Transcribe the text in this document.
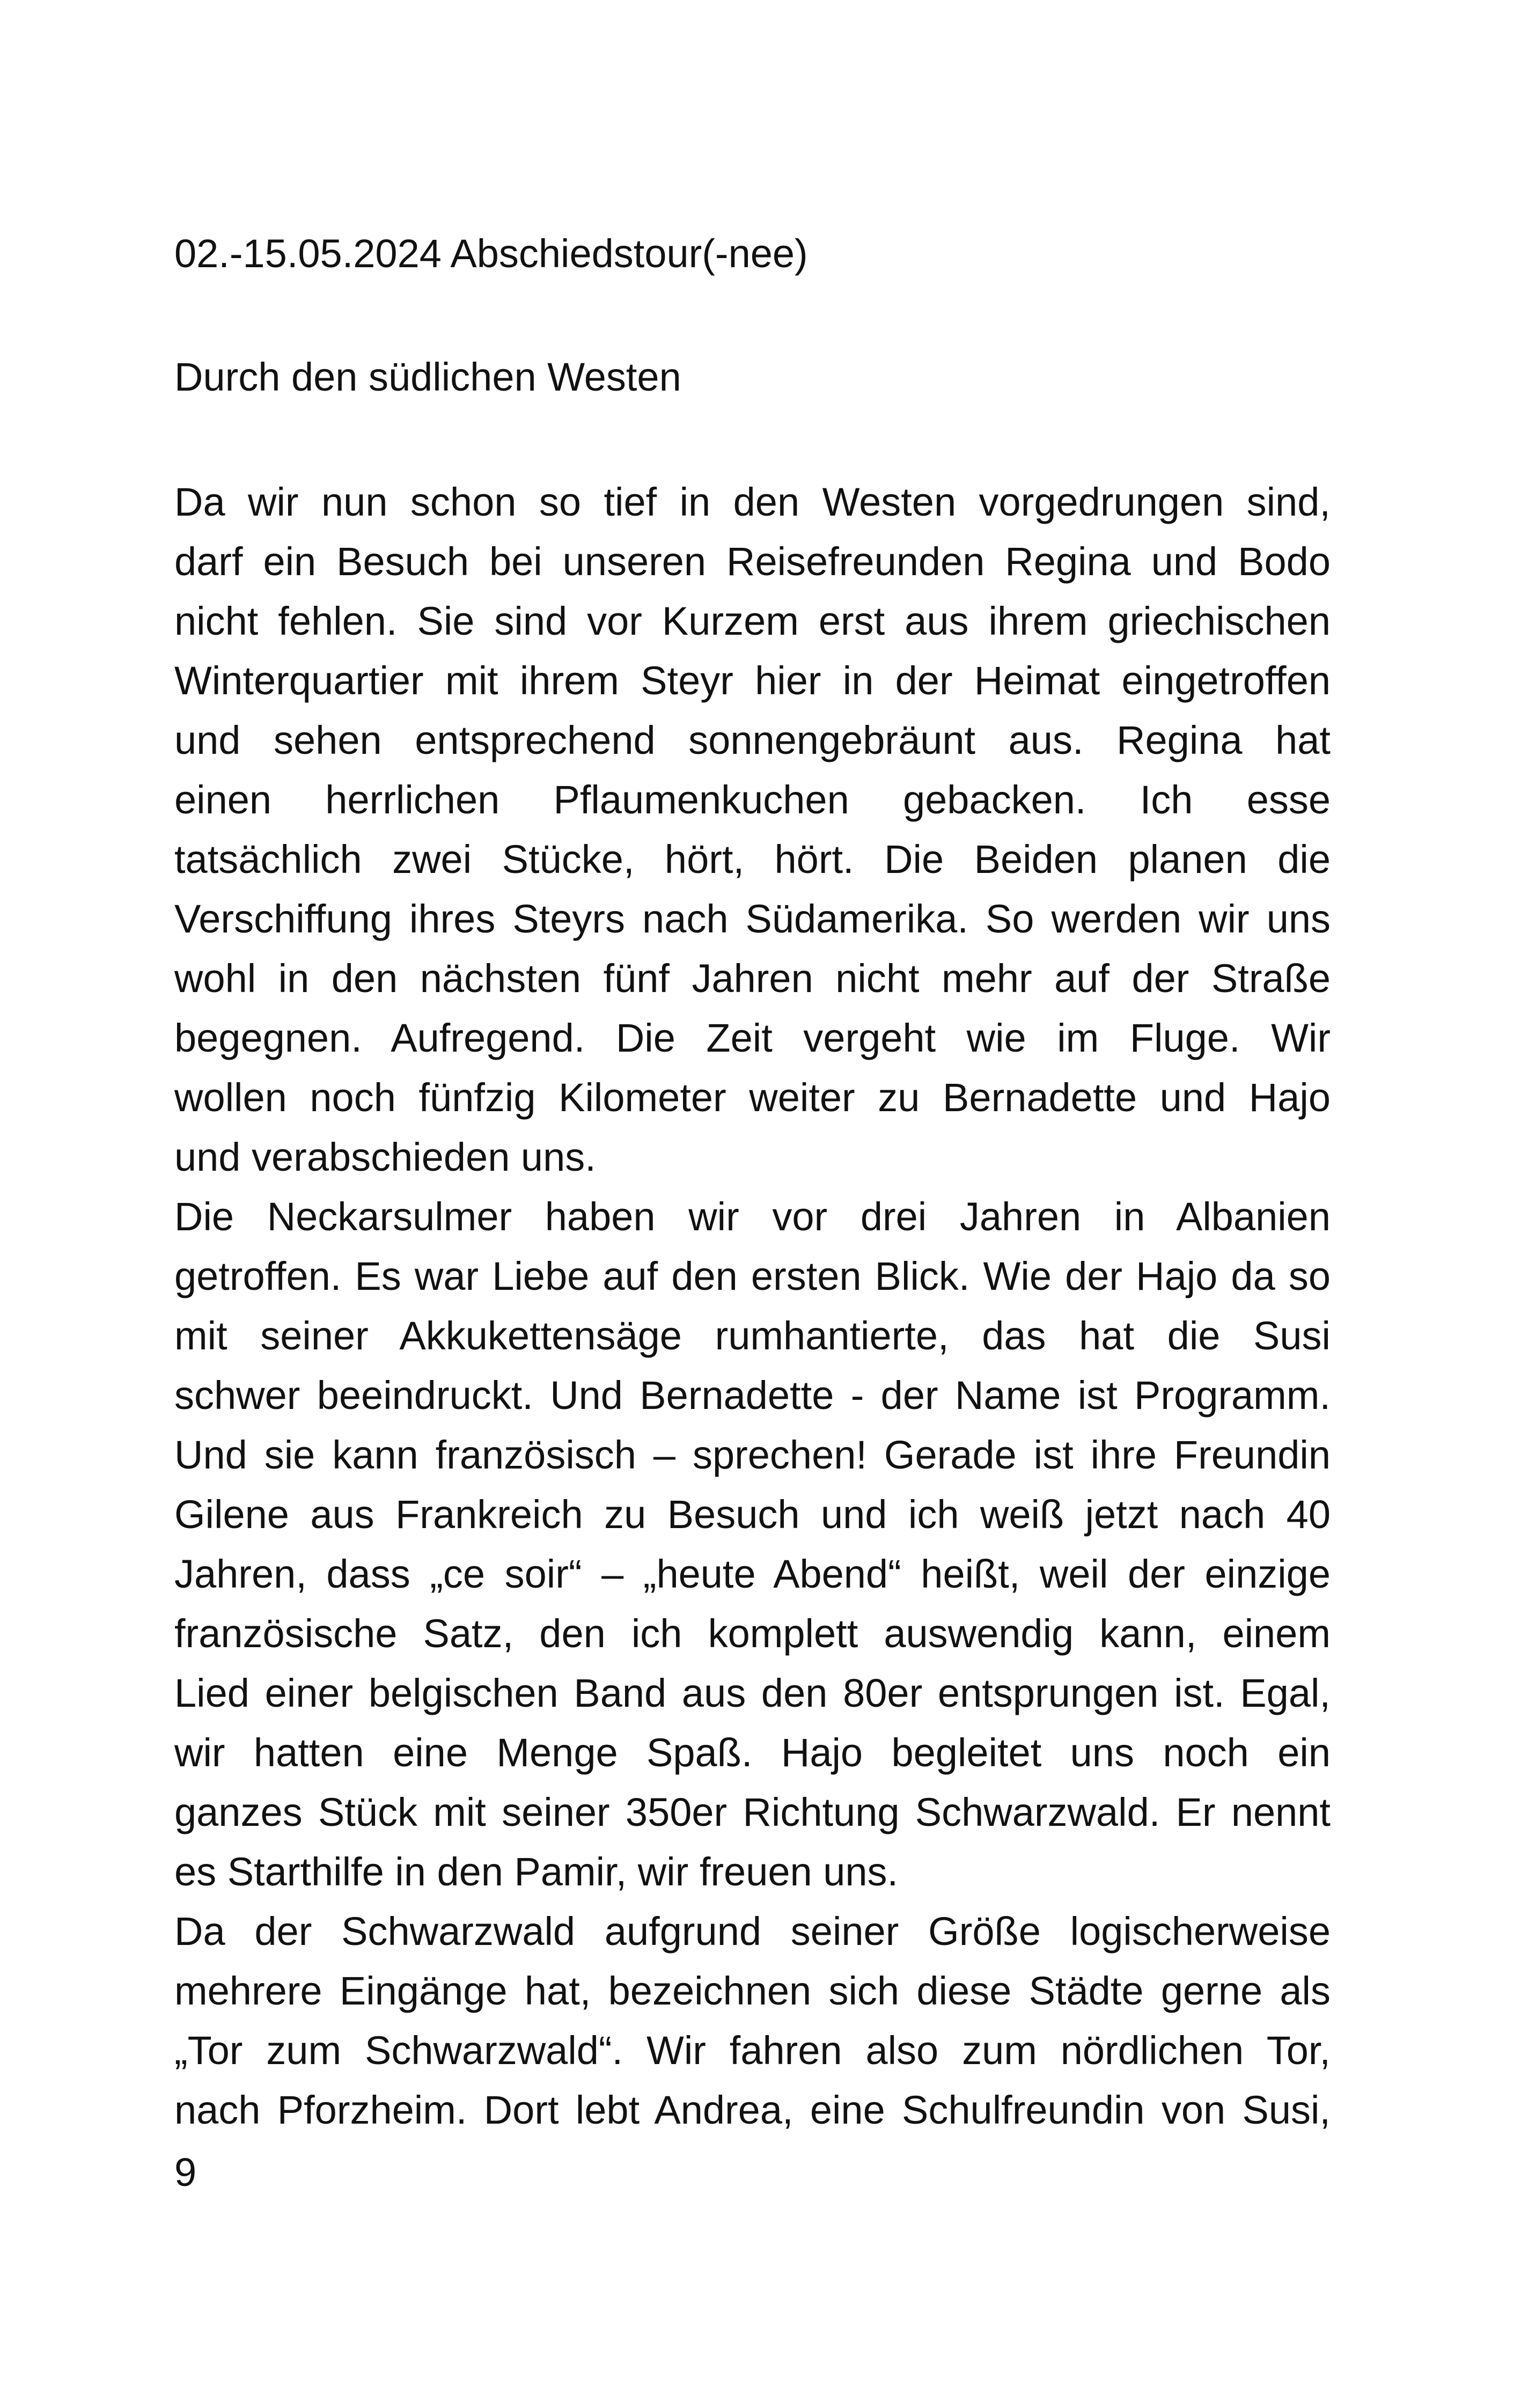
02.-15.05.2024 Abschiedstour(-nee)
Durch den südlichen Westen
Da wir nun schon so tief in den Westen vorgedrungen sind,
darf ein Besuch bei unseren Reisefreunden Regina und Bodo
nicht fehlen. Sie sind vor Kurzem erst aus ihrem griechischen
Winterquartier mit ihrem Steyr hier in der Heimat eingetroffen
und sehen entsprechend sonnengebräunt aus. Regina hat
einen herrlichen Pflaumenkuchen gebacken. Ich esse
tatsächlich zwei Stücke, hört, hört. Die Beiden planen die
Verschiffung ihres Steyrs nach Südamerika. So werden wir uns
wohl in den nächsten fünf Jahren nicht mehr auf der Straße
begegnen. Aufregend. Die Zeit vergeht wie im Fluge. Wir
wollen noch fünfzig Kilometer weiter zu Bernadette und Hajo
und verabschieden uns.
Die Neckarsulmer haben wir vor drei Jahren in Albanien
getroffen. Es war Liebe auf den ersten Blick. Wie der Hajo da so
mit seiner Akkukettensäge rumhantierte, das hat die Susi
schwer beeindruckt. Und Bernadette - der Name ist Programm.
Und sie kann französisch – sprechen! Gerade ist ihre Freundin
Gilene aus Frankreich zu Besuch und ich weiß jetzt nach 40
Jahren, dass „ce soir“ – „heute Abend“ heißt, weil der einzige
französische Satz, den ich komplett auswendig kann, einem
Lied einer belgischen Band aus den 80er entsprungen ist. Egal,
wir hatten eine Menge Spaß. Hajo begleitet uns noch ein
ganzes Stück mit seiner 350er Richtung Schwarzwald. Er nennt
es Starthilfe in den Pamir, wir freuen uns.
Da der Schwarzwald aufgrund seiner Größe logischerweise
mehrere Eingänge hat, bezeichnen sich diese Städte gerne als
„Tor zum Schwarzwald“. Wir fahren also zum nördlichen Tor,
nach Pforzheim. Dort lebt Andrea, eine Schulfreundin von Susi,
9
